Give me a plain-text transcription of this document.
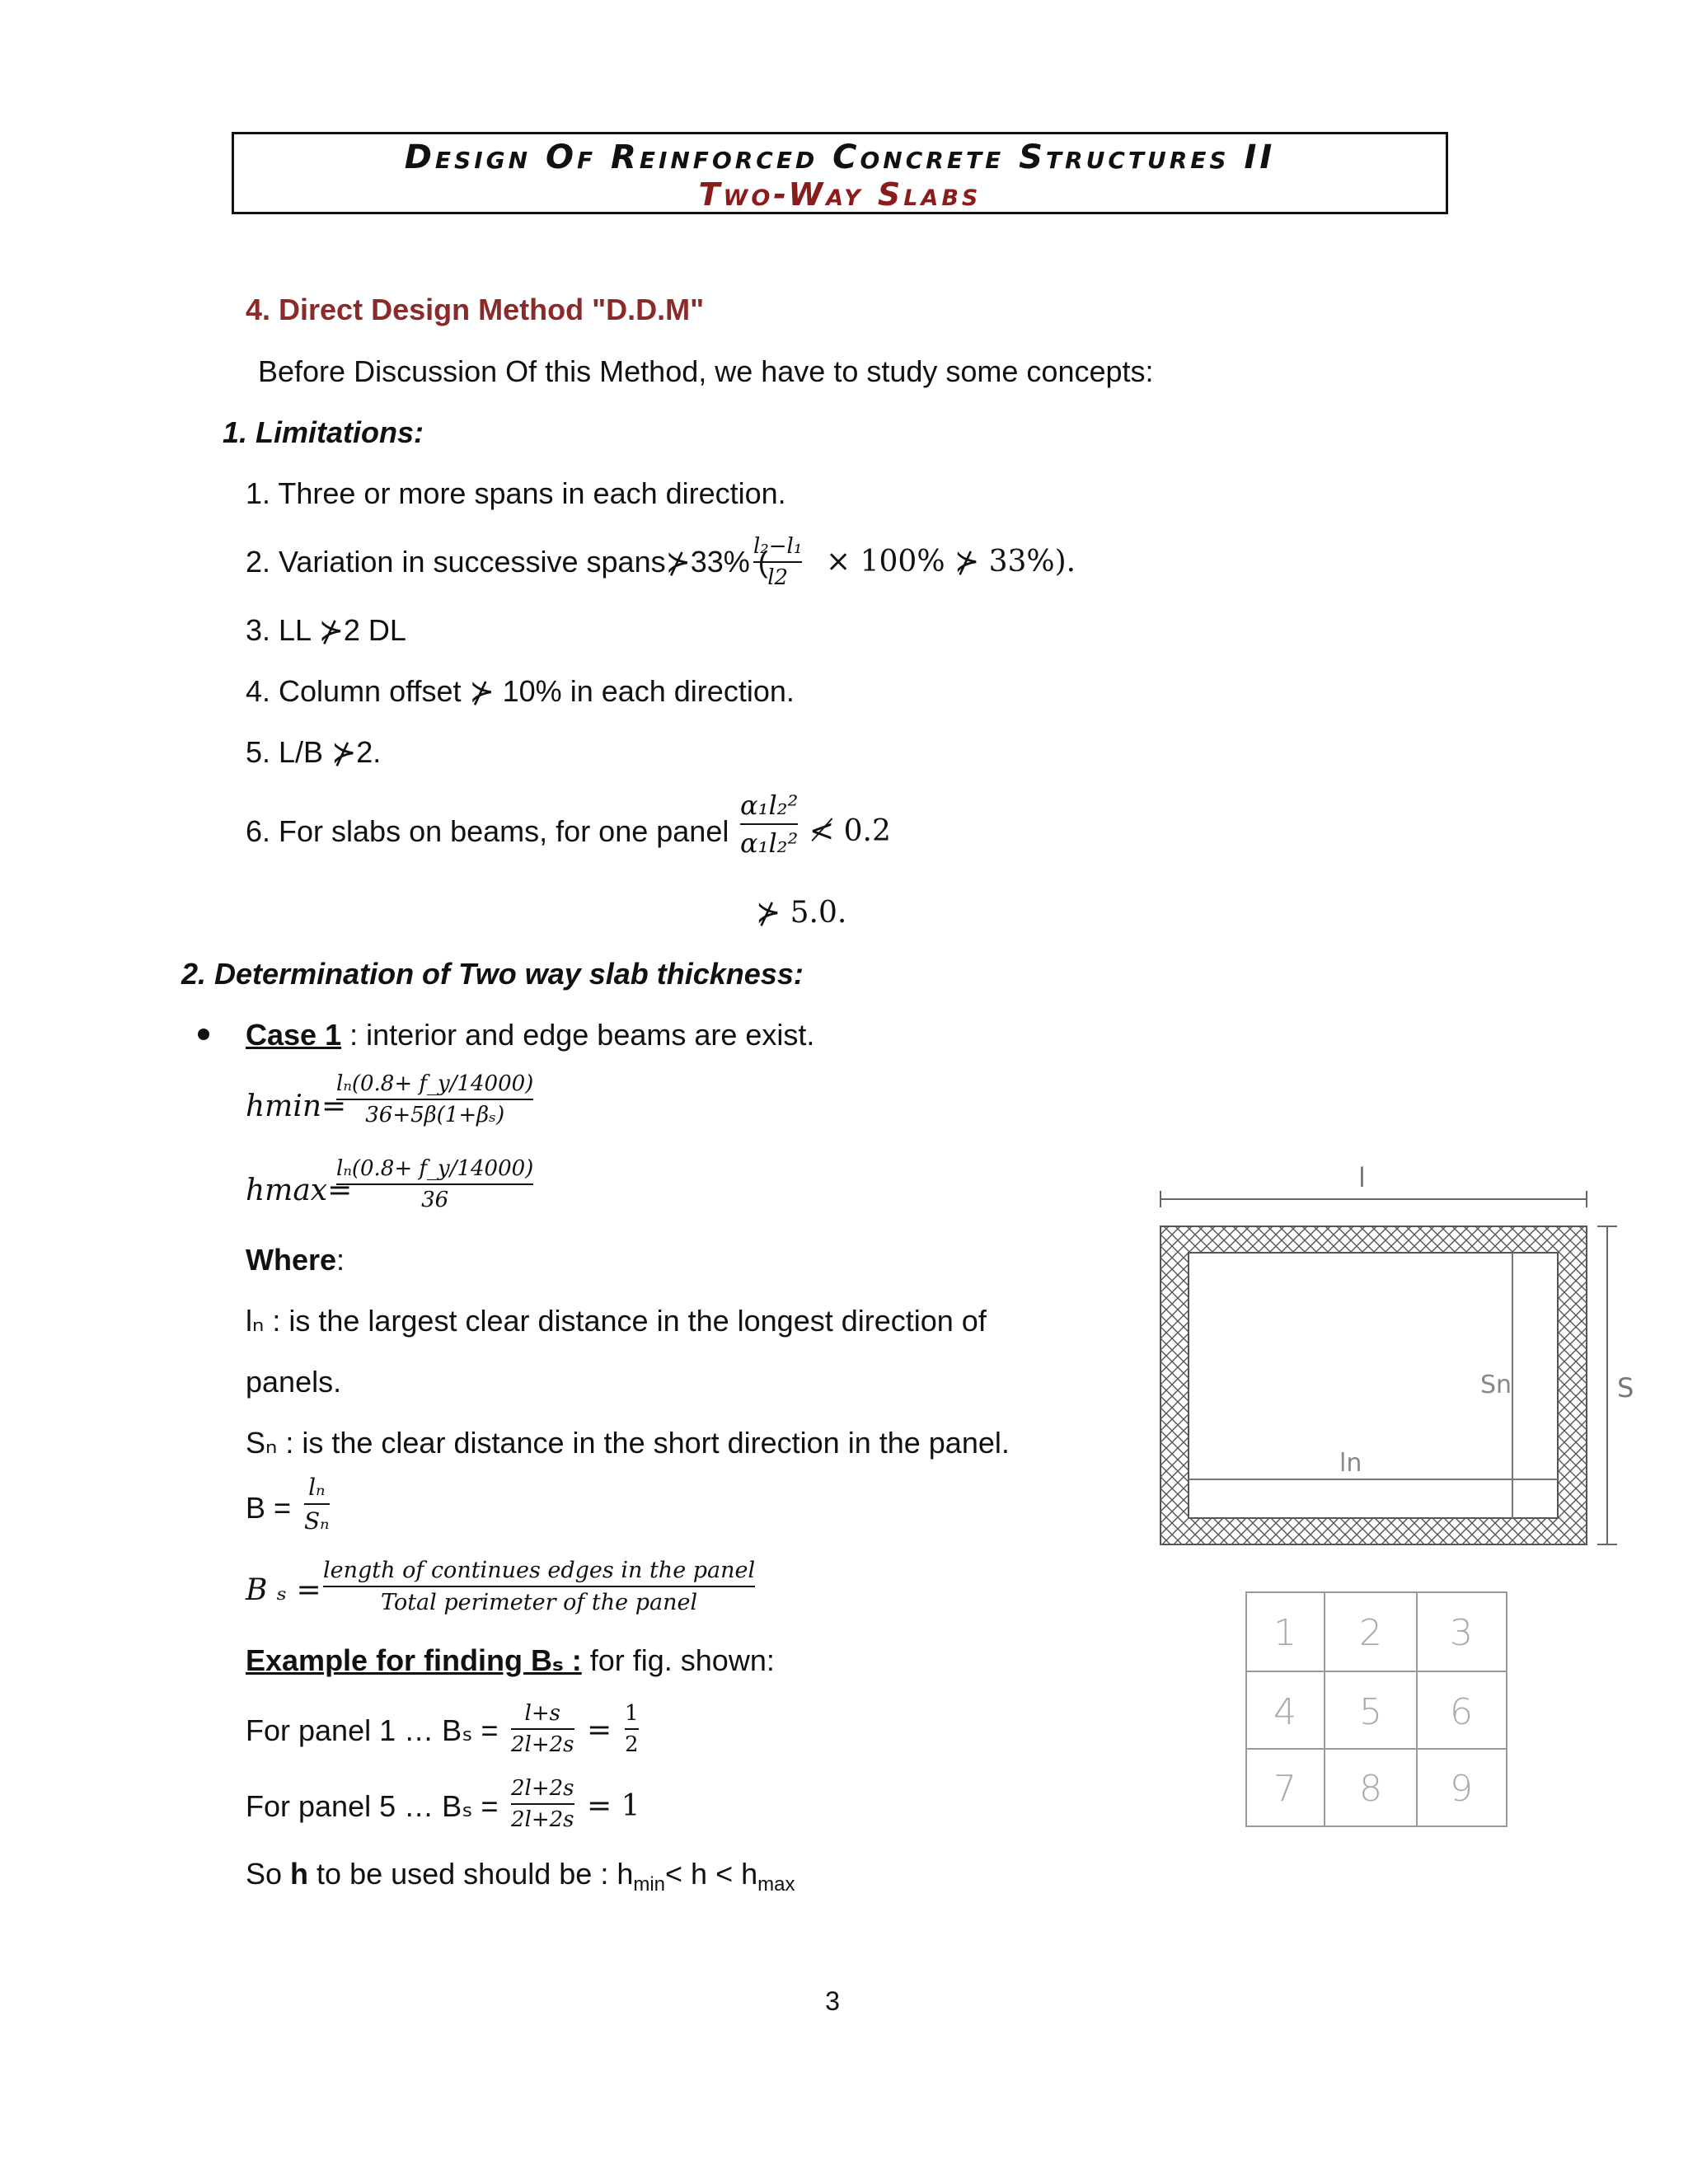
Design Of Reinforced Concrete Structures II
Two-Way Slabs
4. Direct Design Method "D.D.M"
Before Discussion Of this Method, we have to study some concepts:
1. Limitations:
1. Three or more spans in each direction.
2. Variation in successive spans⊁33% (
l₂−l₁
l2	× 100% ⊁ 33%).
3. LL ⊁2 DL
4. Column offset ⊁ 10% in each direction.
5. L/B ⊁2.
6. For slabs on beams, for one panel
α₁l₂²
α₁l₂² ≮ 0.2
⊁ 5.0.
2. Determination of Two way slab thickness:
Case 1 : interior and edge beams are exist.
hmin=
lₙ(0.8+ f_y/14000)
36+5β(1+βₛ)
hmax=
lₙ(0.8+ f_y/14000)
36
Where:
lₙ : is the largest clear distance in the longest direction of
panels.
Sₙ : is the clear distance in the short direction in the panel.
B =
lₙ
Sₙ
B ₛ =
length of continues edges in the panel
Total perimeter of the panel
Example for finding Bₛ : for fig. shown:
For panel 1 … Bₛ =	l+s
2l+2s = 1
2
For panel 5 … Bₛ =
2l+2s
2l+2s = 1
So h to be used should be : $h_{min}< h < h_{max}$
l
Sn
ln
S
1 2 3
4 5 6
7 8 9
3
